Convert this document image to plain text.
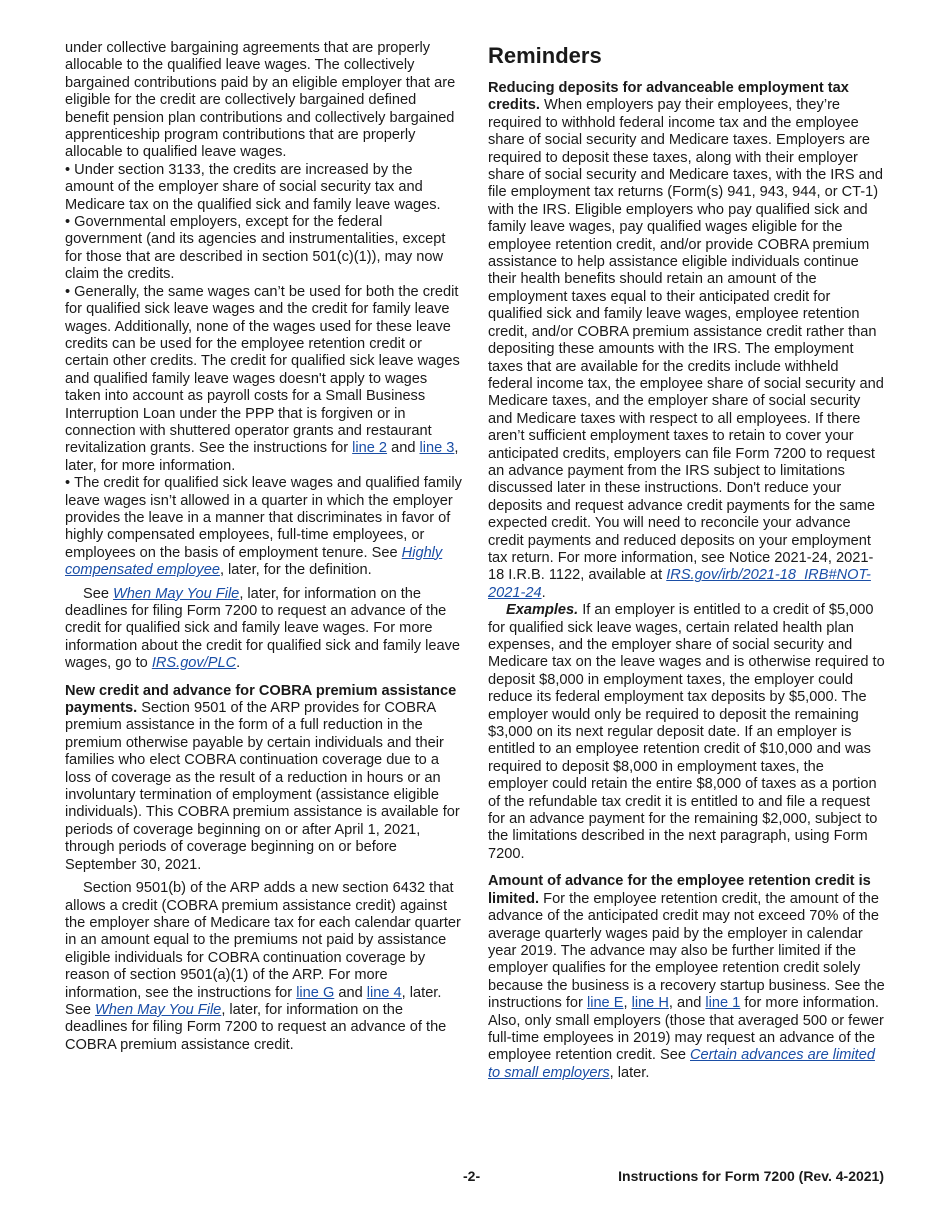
under collective bargaining agreements that are properly allocable to the qualified leave wages. The collectively bargained contributions paid by an eligible employer that are eligible for the credit are collectively bargained defined benefit pension plan contributions and collectively bargained apprenticeship program contributions that are properly allocable to qualified leave wages.

• Under section 3133, the credits are increased by the amount of the employer share of social security tax and Medicare tax on the qualified sick and family leave wages.

• Governmental employers, except for the federal government (and its agencies and instrumentalities, except for those that are described in section 501(c)(1)), may now claim the credits.

• Generally, the same wages can’t be used for both the credit for qualified sick leave wages and the credit for family leave wages. Additionally, none of the wages used for these leave credits can be used for the employee retention credit or certain other credits. The credit for qualified sick leave wages and qualified family leave wages doesn't apply to wages taken into account as payroll costs for a Small Business Interruption Loan under the PPP that is forgiven or in connection with shuttered operator grants and restaurant revitalization grants. See the instructions for line 2 and line 3, later, for more information.

• The credit for qualified sick leave wages and qualified family leave wages isn’t allowed in a quarter in which the employer provides the leave in a manner that discriminates in favor of highly compensated employees, full-time employees, or employees on the basis of employment tenure. See Highly compensated employee, later, for the definition.

See When May You File, later, for information on the deadlines for filing Form 7200 to request an advance of the credit for qualified sick and family leave wages. For more information about the credit for qualified sick and family leave wages, go to IRS.gov/PLC.

New credit and advance for COBRA premium assistance payments. Section 9501 of the ARP provides for COBRA premium assistance in the form of a full reduction in the premium otherwise payable by certain individuals and their families who elect COBRA continuation coverage due to a loss of coverage as the result of a reduction in hours or an involuntary termination of employment (assistance eligible individuals). This COBRA premium assistance is available for periods of coverage beginning on or after April 1, 2021, through periods of coverage beginning on or before September 30, 2021.

Section 9501(b) of the ARP adds a new section 6432 that allows a credit (COBRA premium assistance credit) against the employer share of Medicare tax for each calendar quarter in an amount equal to the premiums not paid by assistance eligible individuals for COBRA continuation coverage by reason of section 9501(a)(1) of the ARP. For more information, see the instructions for line G and line 4, later. See When May You File, later, for information on the deadlines for filing Form 7200 to request an advance of the COBRA premium assistance credit.

Reminders

Reducing deposits for advanceable employment tax credits. When employers pay their employees, they’re required to withhold federal income tax and the employee share of social security and Medicare taxes. Employers are required to deposit these taxes, along with their employer share of social security and Medicare taxes, with the IRS and file employment tax returns (Form(s) 941, 943, 944, or CT-1) with the IRS. Eligible employers who pay qualified sick and family leave wages, pay qualified wages eligible for the employee retention credit, and/or provide COBRA premium assistance to help assistance eligible individuals continue their health benefits should retain an amount of the employment taxes equal to their anticipated credit for qualified sick and family leave wages, employee retention credit, and/or COBRA premium assistance credit rather than depositing these amounts with the IRS. The employment taxes that are available for the credits include withheld federal income tax, the employee share of social security and Medicare taxes, and the employer share of social security and Medicare taxes with respect to all employees. If there aren’t sufficient employment taxes to retain to cover your anticipated credits, employers can file Form 7200 to request an advance payment from the IRS subject to limitations discussed later in these instructions. Don't reduce your deposits and request advance credit payments for the same expected credit. You will need to reconcile your advance credit payments and reduced deposits on your employment tax return. For more information, see Notice 2021-24, 2021-18 I.R.B. 1122, available at IRS.gov/irb/2021-18_IRB#NOT-2021-24.

Examples. If an employer is entitled to a credit of $5,000 for qualified sick leave wages, certain related health plan expenses, and the employer share of social security and Medicare tax on the leave wages and is otherwise required to deposit $8,000 in employment taxes, the employer could reduce its federal employment tax deposits by $5,000. The employer would only be required to deposit the remaining $3,000 on its next regular deposit date. If an employer is entitled to an employee retention credit of $10,000 and was required to deposit $8,000 in employment taxes, the employer could retain the entire $8,000 of taxes as a portion of the refundable tax credit it is entitled to and file a request for an advance payment for the remaining $2,000, subject to the limitations described in the next paragraph, using Form 7200.

Amount of advance for the employee retention credit is limited. For the employee retention credit, the amount of the advance of the anticipated credit may not exceed 70% of the average quarterly wages paid by the employer in calendar year 2019. The advance may also be further limited if the employer qualifies for the employee retention credit solely because the business is a recovery startup business. See the instructions for line E, line H, and line 1 for more information. Also, only small employers (those that averaged 500 or fewer full-time employees in 2019) may request an advance of the employee retention credit. See Certain advances are limited to small employers, later.

-2-	Instructions for Form 7200 (Rev. 4-2021)
